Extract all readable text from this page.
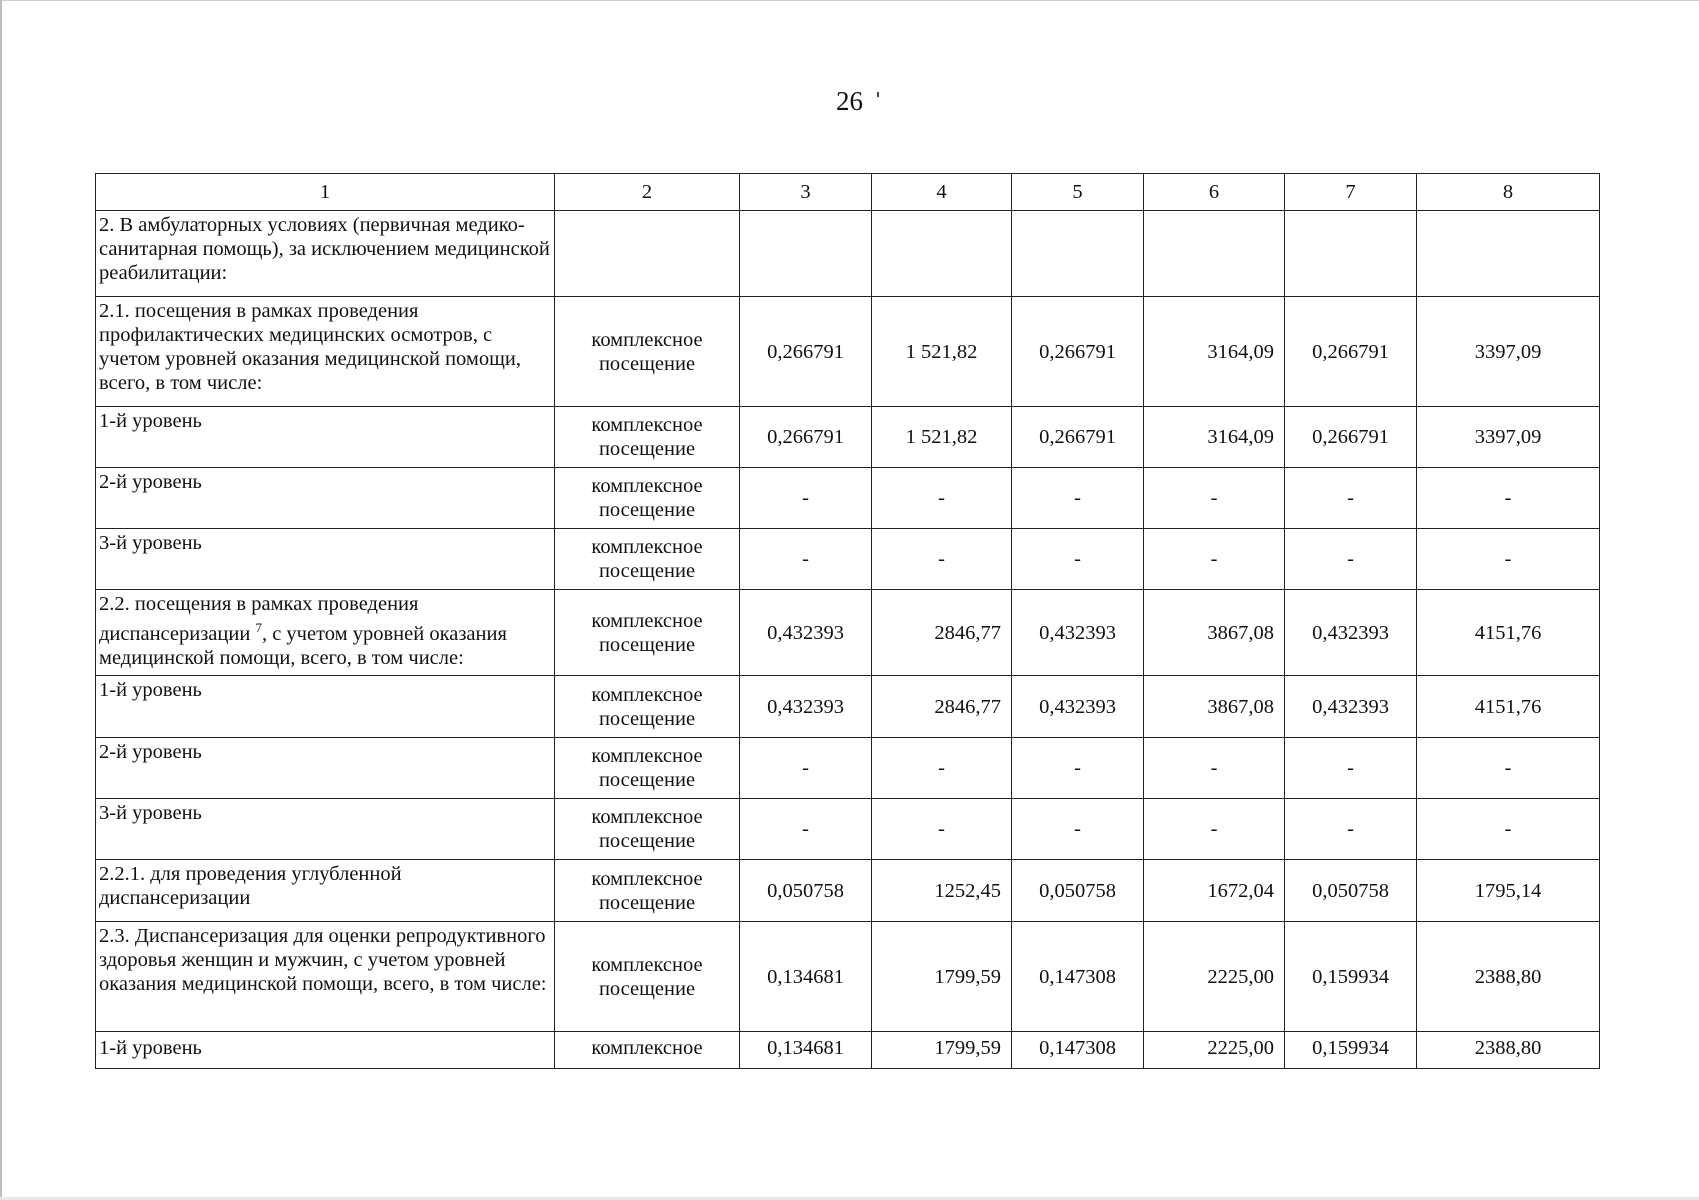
26
1	2	3	4	5	6	7	8
2. В амбулаторных условиях (первичная медико-санитарная помощь), за исключением медицинской реабилитации:							
2.1. посещения в рамках проведения профилактических медицинских осмотров, с учетом уровней оказания медицинской помощи, всего, в том числе:	комплексное посещение	0,266791	1 521,82	0,266791	3164,09	0,266791	3397,09
1-й уровень	комплексное посещение	0,266791	1 521,82	0,266791	3164,09	0,266791	3397,09
2-й уровень	комплексное посещение	-	-	-	-	-	-
3-й уровень	комплексное посещение	-	-	-	-	-	-
2.2. посещения в рамках проведения диспансеризации $^7$, с учетом уровней оказания медицинской помощи, всего, в том числе:	комплексное посещение	0,432393	2846,77	0,432393	3867,08	0,432393	4151,76
1-й уровень	комплексное посещение	0,432393	2846,77	0,432393	3867,08	0,432393	4151,76
2-й уровень	комплексное посещение	-	-	-	-	-	-
3-й уровень	комплексное посещение	-	-	-	-	-	-
2.2.1. для проведения углубленной диспансеризации	комплексное посещение	0,050758	1252,45	0,050758	1672,04	0,050758	1795,14
2.3. Диспансеризация для оценки репродуктивного здоровья женщин и мужчин, с учетом уровней оказания медицинской помощи, всего, в том числе:	комплексное посещение	0,134681	1799,59	0,147308	2225,00	0,159934	2388,80
1-й уровень	комплексное	0,134681	1799,59	0,147308	2225,00	0,159934	2388,80
